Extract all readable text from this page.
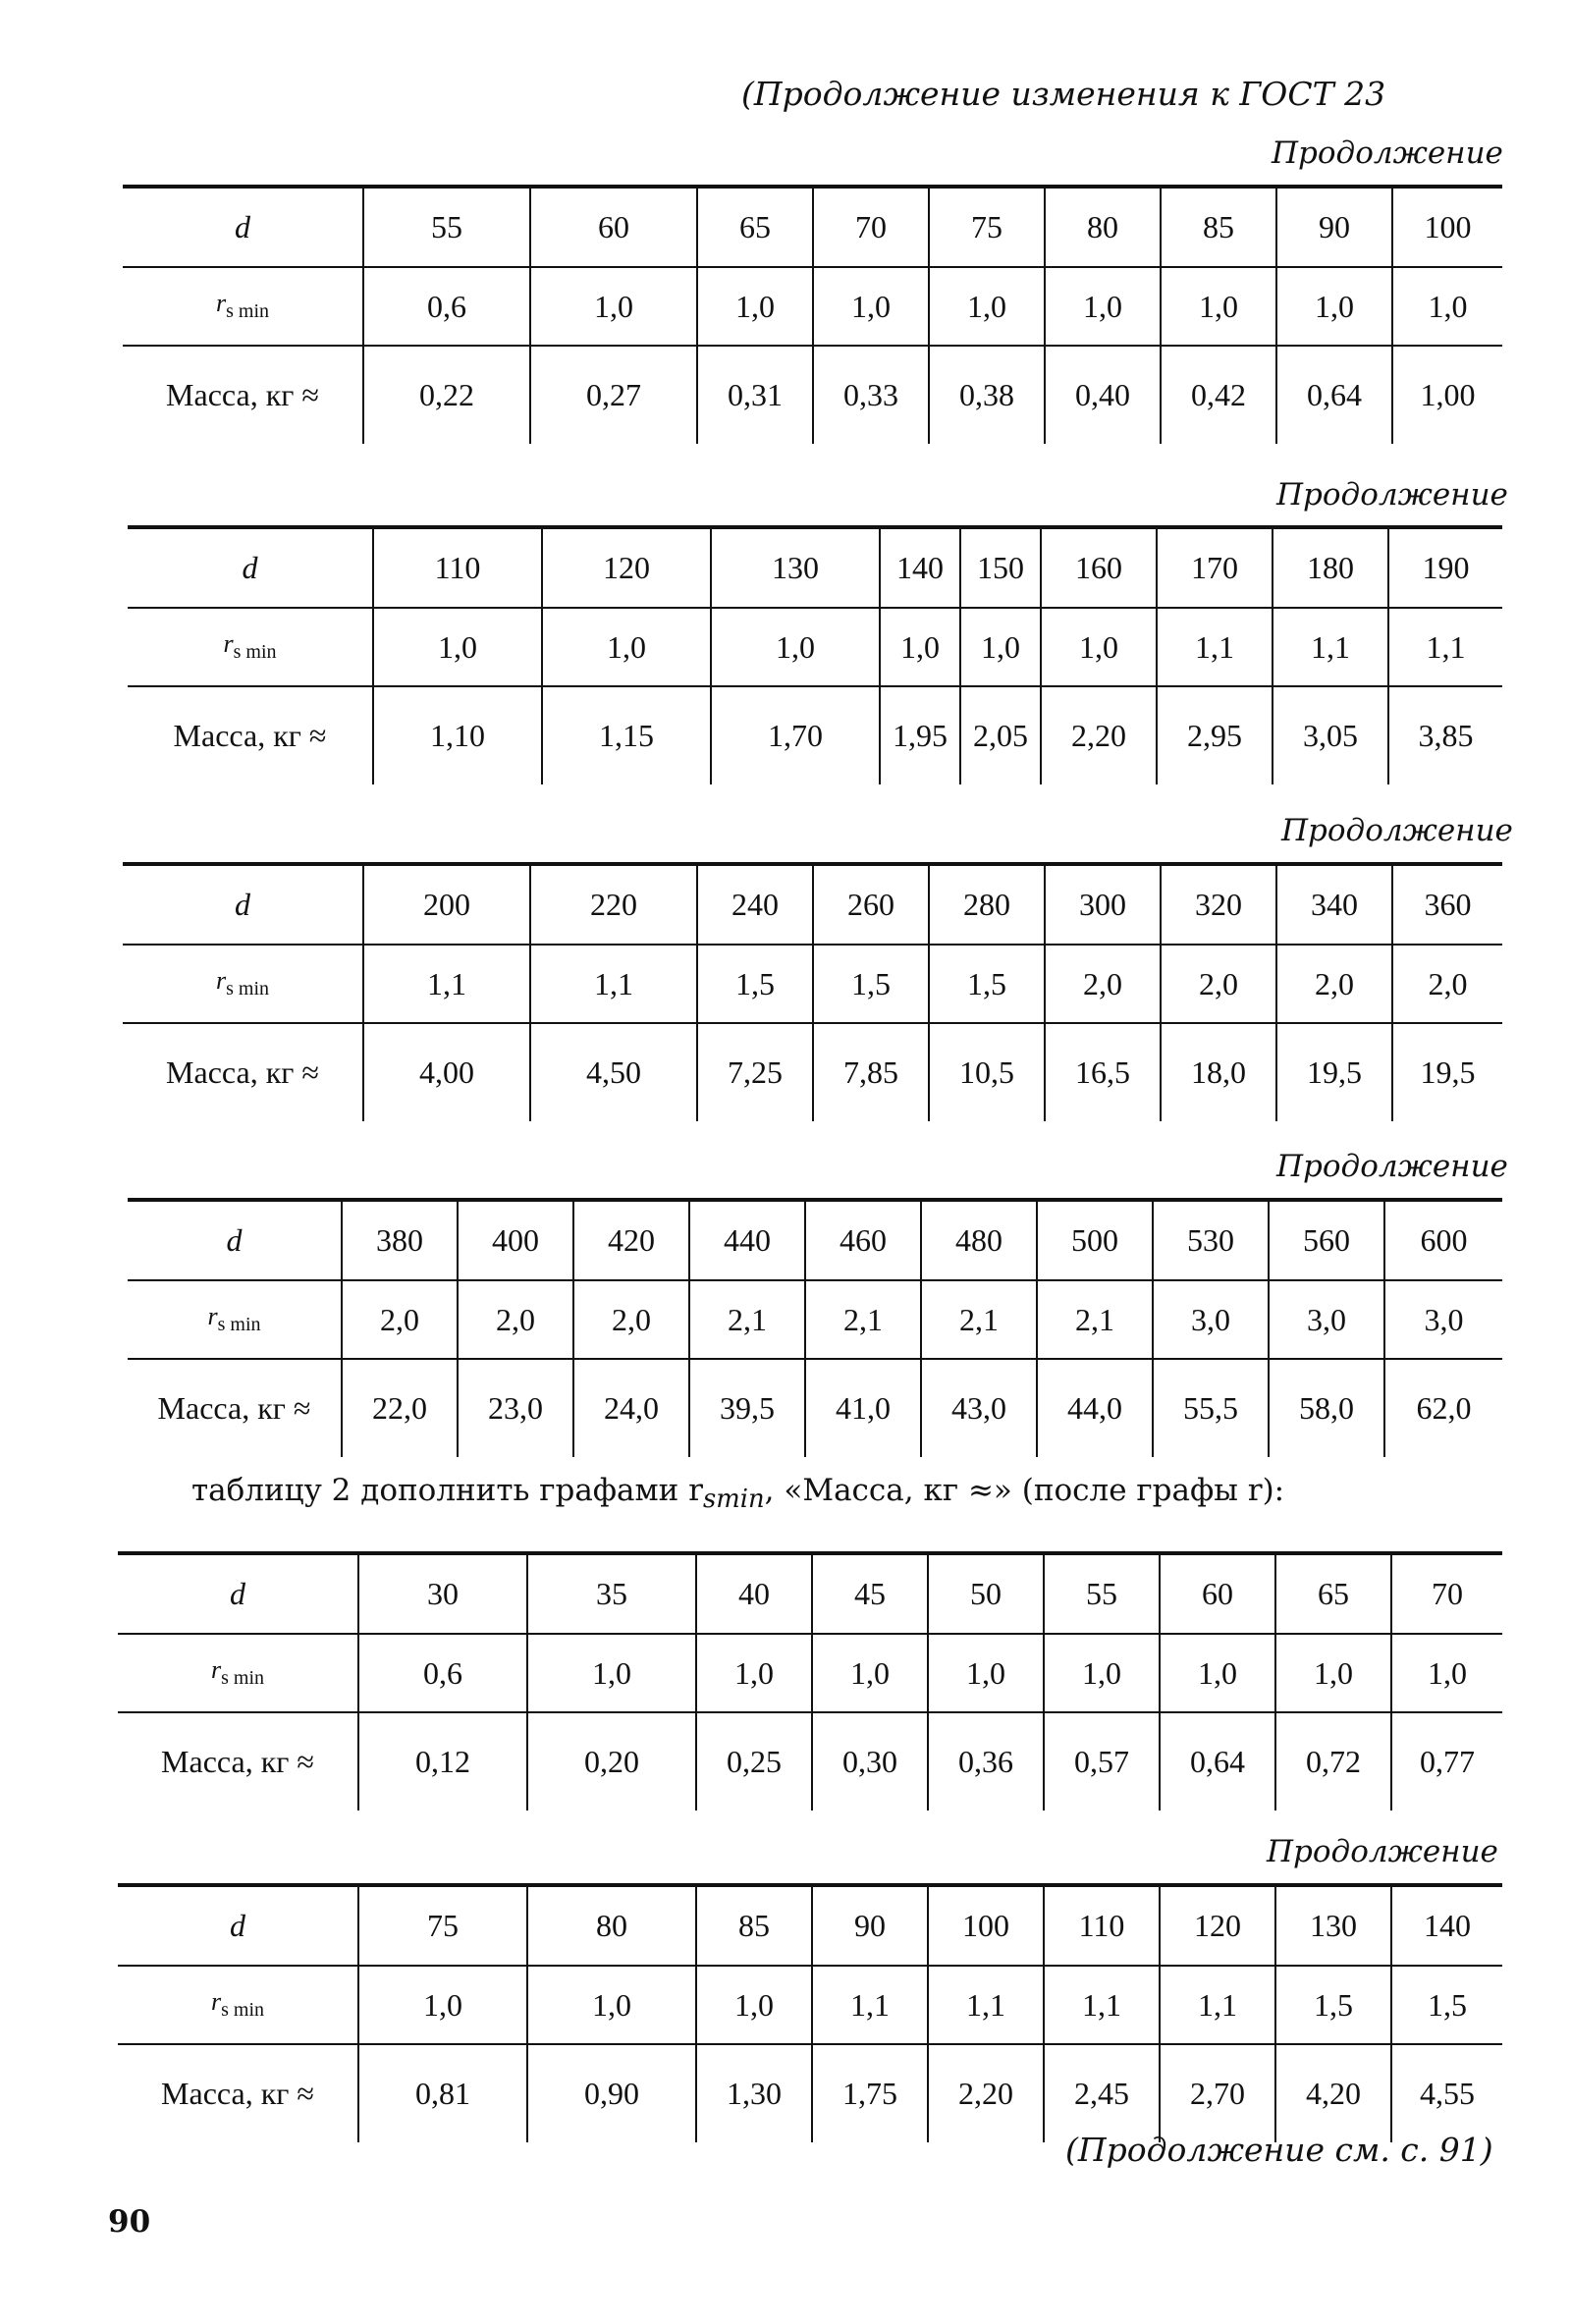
(Продолжение изменения к ГОСТ 23
Продолжение
d	55	60	65	70	75	80	85	90	100
$r_{s min}$	0,6	1,0	1,0	1,0	1,0	1,0	1,0	1,0	1,0
Масса, кг ≈	0,22	0,27	0,31	0,33	0,38	0,40	0,42	0,64	1,00
Продолжение
d	110	120	130	140	150	160	170	180	190
$r_{s min}$	1,0	1,0	1,0	1,0	1,0	1,0	1,1	1,1	1,1
Масса, кг ≈	1,10	1,15	1,70	1,95	2,05	2,20	2,95	3,05	3,85
Продолжение
d	200	220	240	260	280	300	320	340	360
$r_{s min}$	1,1	1,1	1,5	1,5	1,5	2,0	2,0	2,0	2,0
Масса, кг ≈	4,00	4,50	7,25	7,85	10,5	16,5	18,0	19,5	19,5
Продолжение
d	380	400	420	440	460	480	500	530	560	600
$r_{s min}$	2,0	2,0	2,0	2,1	2,1	2,1	2,1	3,0	3,0	3,0
Масса, кг ≈	22,0	23,0	24,0	39,5	41,0	43,0	44,0	55,5	58,0	62,0
таблицу 2 дополнить графами $r_{smin}$, «Масса, кг ≈» (после графы r):
d	30	35	40	45	50	55	60	65	70
$r_{s min}$	0,6	1,0	1,0	1,0	1,0	1,0	1,0	1,0	1,0
Масса, кг ≈	0,12	0,20	0,25	0,30	0,36	0,57	0,64	0,72	0,77
Продолжение
d	75	80	85	90	100	110	120	130	140
$r_{s min}$	1,0	1,0	1,0	1,1	1,1	1,1	1,1	1,5	1,5
Масса, кг ≈	0,81	0,90	1,30	1,75	2,20	2,45	2,70	4,20	4,55
(Продолжение см. с. 91)
90
